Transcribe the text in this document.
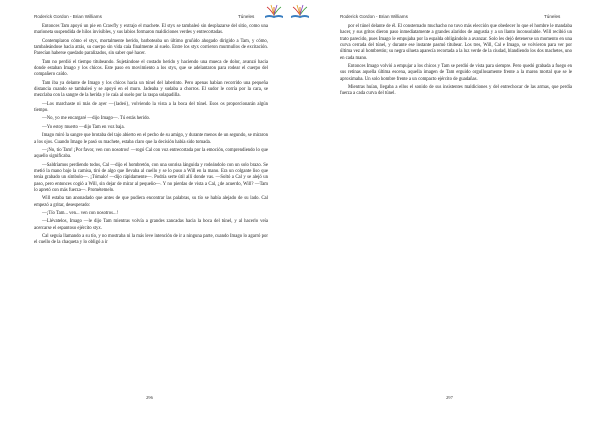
Roderick Gordon - Brian Williams	Túneles

Entonces Tam apoyó un pie en Crawfly y extrajo el machete. El styx se tambaleó sin desplazarse del sitio, como una marioneta suspendida de hilos invisibles, y sus labios formaron maldiciones verdes y entrecortadas.

Contemplaron cómo el styx, mortalmente herido, barboteaba un último gruñido ahogado dirigido a Tam, y cómo, tambaleándose hacia atrás, su cuerpo sin vida caía finalmente al suelo. Entre los styx corrieron murmullos de excitación. Parecían haberse quedado paralizados, sin saber qué hacer.

Tam no perdió el tiempo titubeando. Sujetándose el costado herido y haciendo una mueca de dolor, avanzó hacia donde estaban Imago y los chicos. Este paso en movimiento a los styx, que se adelantaron para rodear el cuerpo del compañero caído.

Tam iba ya delante de Imago y los chicos hacia un túnel del laberinto. Pero apenas habían recorrido una pequeña distancia cuando se tambaleó y se apoyó en el muro. Jadeaba y sudaba a chorros. El sudor le corría por la cara, se mezclaba con la sangre de la herida y le caía al suelo por la raspa solapadilla.

—Los marchaste ni más de ayer —{ladeó}, volviendo la vista a la boca del túnel. Esos os proporcionarán algún tiempo.

—No, yo me encargaré —dijo Imago—. Tú estás herido.

—Yo estoy muerto —dijo Tam en voz baja.

Imago miró la sangre que brotaba del tajo abierto en el pecho de su amigo, y durante menos de un segundo, se miraron a los ojos. Cuando Imago le pasó su machete, estaba claro que la decisión había sido tomada.

—¡No, tío Tam! ¡Por favor, ven con nosotros! —rogó Cal con voz entrecortada por la emoción, comprendiendo lo que aquello significaba.

—Saldríamos perdiendo todos, Cal —dijo el hombretón, con una sonrisa lánguida y rodeándolo con un solo brazo. Se metió la mano bajo la camisa, tiró de algo que llevaba al cuello y se lo puso a Will en la mano. Era un colgante liso que tenía grabado un símbolo—. ¡Tómalo! —dijo rápidamente—. Podría serte útil allí donde vas. —Soltó a Cal y se alejó un paso, pero entonces cogió a Will, sin dejar de mirar al pequeño—. Y no pierdas de vista a Cal, ¿de acuerdo, Will? —Tam lo apretó con más fuerza—. Prométemelo.

Will estaba tan anonadado que antes de que pudiera encontrar las palabras, su tío se había alejado de su lado. Cal empezó a gritar, desesperado:

—¡Tío Tam... ven... ven con nosotros...!

—Llévatelos, Imago —le dijo Tam mientras volvía a grandes zancadas hacia la boca del túnel, y al hacerlo veía acercarse el espantoso ejército styx.

Cal seguía llamando a su tío, y no mostraba ni la más leve intención de ir a ninguna parte, cuando Imago lo agarró por el cuello de la chaqueta y lo obligó a ir

296
Roderick Gordon - Brian Williams	Túneles

por el túnel delante de él. El consternado muchacho no tuvo más elección que obedecer lo que el hombre le mandaba hacer, y sus gritos dieron paso inmediatamente a grandes alaridos de angustia y a un llanto inconsolable. Will recibió un trato parecido, pues Imago le empujaba por la espalda obligándolo a avanzar. Solo les dejó detenerse un momento en una curva cerrada del túnel, y durante ese instante pasmó titubear. Los tres, Will, Cal e Imago, se volvieron para ver por última vez al hombretón; su negra silueta aparecía recortada a la luz verde de la ciudad, blandiendo los dos machetes, uno en cada mano.

Entonces Imago volvió a empujar a los chicos y Tam se perdió de vista para siempre. Pero quedó grabada a fuego en sus retinas aquella última escena, aquella imagen de Tam erguido orgullosamente frente a la marea mortal que se le aproximaba. Un solo hombre frente a un compacto ejército de guadañas.

Mientras huían, llegaba a ellos el sonido de sus insistentes maldiciones y del entrechocar de las armas, que perdía fuerza a cada curva del túnel.

297
